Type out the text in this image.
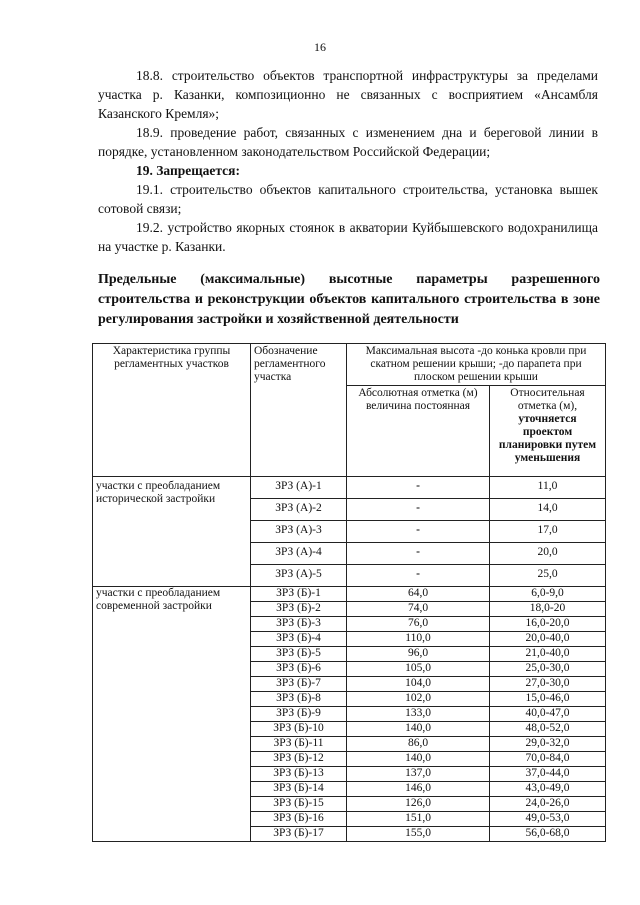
16
18.8. строительство объектов транспортной инфраструктуры за пределами участка р. Казанки, композиционно не связанных с восприятием «Ансамбля Казанского Кремля»;
18.9. проведение работ, связанных с изменением дна и береговой линии в порядке, установленном законодательством Российской Федерации;
19. Запрещается:
19.1. строительство объектов капитального строительства, установка вышек сотовой связи;
19.2. устройство якорных стоянок в акватории Куйбышевского водохранилища на участке р. Казанки.
Предельные (максимальные) высотные параметры разрешенного строительства и реконструкции объектов капитального строительства в зоне регулирования застройки и хозяйственной деятельности
Характеристика группы регламентных участков	Обозначение регламентного участка	Максимальная высота -до конька кровли при скатном решении крыши; -до парапета при плоском решении крыши	
		Абсолютная отметка (м) величина постоянная	Относительная отметка (м), уточняется проектом планировки путем уменьшения
участки с преобладанием исторической застройки	ЗРЗ (А)-1	-	11,0
	ЗРЗ (А)-2	-	14,0
	ЗРЗ (А)-3	-	17,0
	ЗРЗ (А)-4	-	20,0
	ЗРЗ (А)-5	-	25,0
участки с преобладанием современной застройки	ЗРЗ (Б)-1	64,0	6,0-9,0
	ЗРЗ (Б)-2	74,0	18,0-20
	ЗРЗ (Б)-3	76,0	16,0-20,0
	ЗРЗ (Б)-4	110,0	20,0-40,0
	ЗРЗ (Б)-5	96,0	21,0-40,0
	ЗРЗ (Б)-6	105,0	25,0-30,0
	ЗРЗ (Б)-7	104,0	27,0-30,0
	ЗРЗ (Б)-8	102,0	15,0-46,0
	ЗРЗ (Б)-9	133,0	40,0-47,0
	ЗРЗ (Б)-10	140,0	48,0-52,0
	ЗРЗ (Б)-11	86,0	29,0-32,0
	ЗРЗ (Б)-12	140,0	70,0-84,0
	ЗРЗ (Б)-13	137,0	37,0-44,0
	ЗРЗ (Б)-14	146,0	43,0-49,0
	ЗРЗ (Б)-15	126,0	24,0-26,0
	ЗРЗ (Б)-16	151,0	49,0-53,0
	ЗРЗ (Б)-17	155,0	56,0-68,0
